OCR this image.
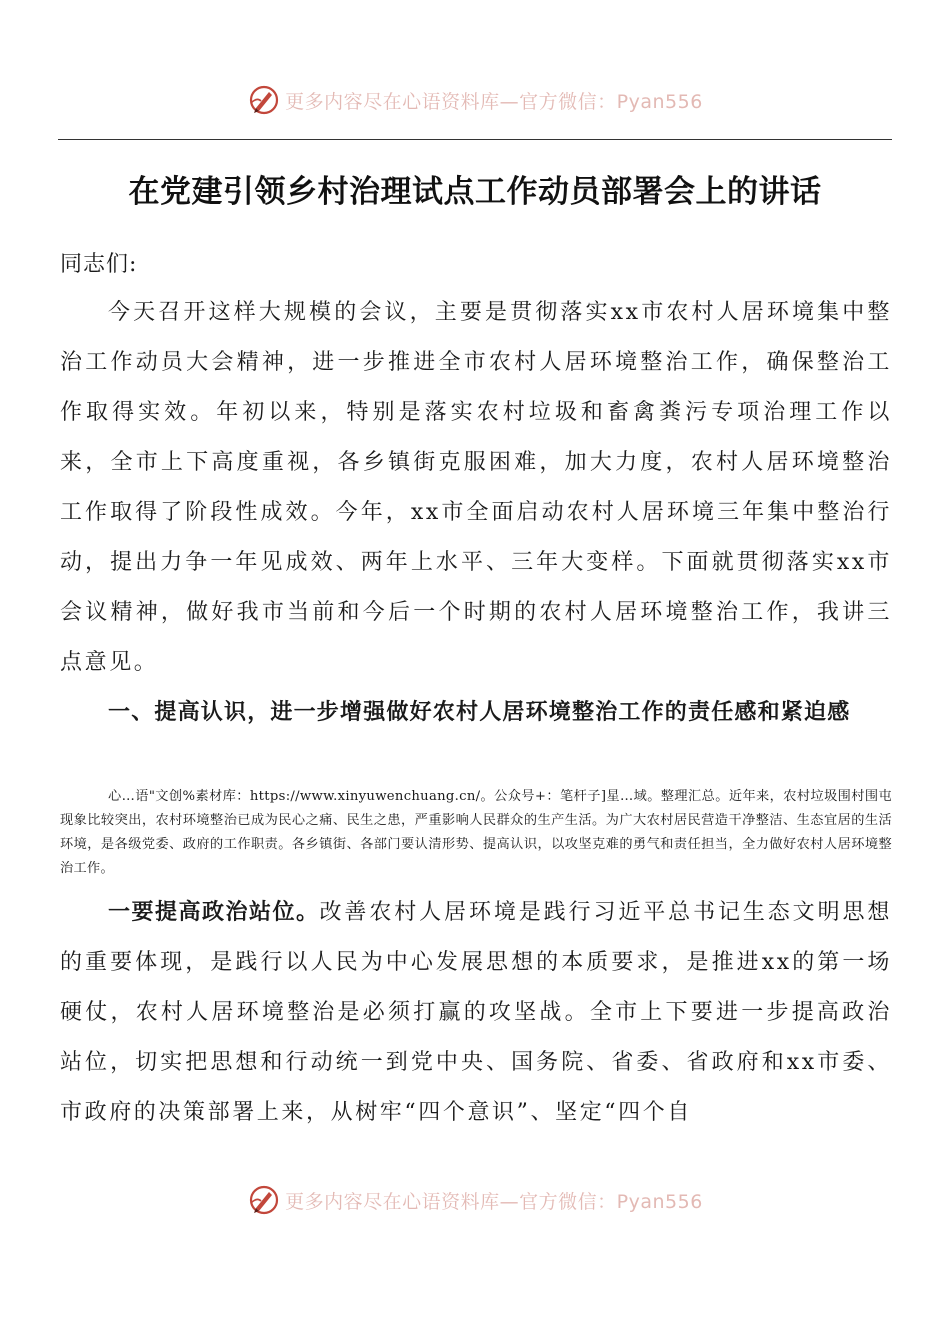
更多内容尽在心语资料库—官方微信：Pyan556
在党建引领乡村治理试点工作动员部署会上的讲话

同志们:

今天召开这样大规模的会议，主要是贯彻落实xx市农村人居环境集中整治工作动员大会精神，进一步推进全市农村人居环境整治工作，确保整治工作取得实效。年初以来，特别是落实农村垃圾和畜禽粪污专项治理工作以来，全市上下高度重视，各乡镇街克服困难，加大力度，农村人居环境整治工作取得了阶段性成效。今年，xx市全面启动农村人居环境三年集中整治行动，提出力争一年见成效、两年上水平、三年大变样。下面就贯彻落实xx市会议精神，做好我市当前和今后一个时期的农村人居环境整治工作，我讲三点意见。

一、提高认识，进一步增强做好农村人居环境整治工作的责任感和紧迫感

心…语"文创%素材库：https://www.xinyuwenchuang.cn/。公众号+：笔杆子]星…域。整理汇总。近年来，农村垃圾围村围屯现象比较突出，农村环境整治已成为民心之痛、民生之患，严重影响人民群众的生产生活。为广大农村居民营造干净整洁、生态宜居的生活环境，是各级党委、政府的工作职责。各乡镇街、各部门要认清形势、提高认识，以攻坚克难的勇气和责任担当，全力做好农村人居环境整治工作。

一要提高政治站位。改善农村人居环境是践行习近平总书记生态文明思想的重要体现，是践行以人民为中心发展思想的本质要求，是推进xx的第一场硬仗，农村人居环境整治是必须打赢的攻坚战。全市上下要进一步提高政治站位，切实把思想和行动统一到党中央、国务院、省委、省政府和xx市委、市政府的决策部署上来，从树牢“四个意识”、坚定“四个自

更多内容尽在心语资料库—官方微信：Pyan556
